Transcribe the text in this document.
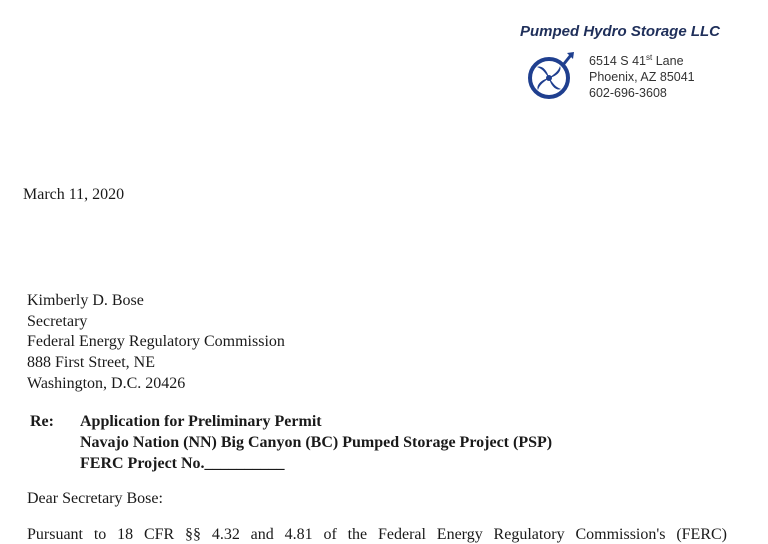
Pumped Hydro Storage LLC
6514 S 41st Lane
Phoenix, AZ 85041
602-696-3608
March 11, 2020
Kimberly D. Bose
Secretary
Federal Energy Regulatory Commission
888 First Street, NE
Washington, D.C. 20426
Re: Application for Preliminary Permit
Navajo Nation (NN) Big Canyon (BC) Pumped Storage Project (PSP)
FERC Project No.__________
Dear Secretary Bose:
Pursuant to 18 CFR §§ 4.32 and 4.81 of the Federal Energy Regulatory Commission's (FERC)
